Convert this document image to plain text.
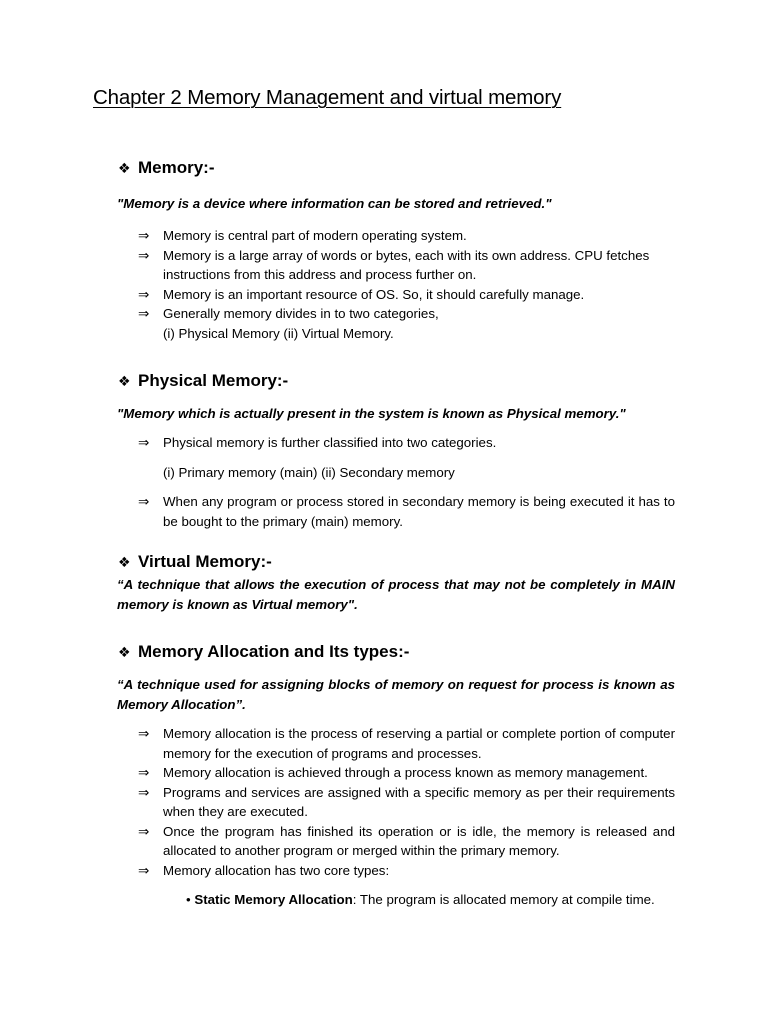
Chapter 2 Memory Management and virtual memory
❖ Memory:-

"Memory is a device where information can be stored and retrieved."

⇒ Memory is central part of modern operating system.
⇒ Memory is a large array of words or bytes, each with its own address. CPU fetches instructions from this address and process further on.
⇒ Memory is an important resource of OS. So, it should carefully manage.
⇒ Generally memory divides in to two categories,

(i) Physical Memory (ii) Virtual Memory.

❖ Physical Memory:-

"Memory which is actually present in the system is known as Physical memory."

⇒ Physical memory is further classified into two categories.

(i) Primary memory (main) (ii) Secondary memory

⇒ When any program or process stored in secondary memory is being executed it has to be bought to the primary (main) memory.
❖ Virtual Memory:-

“A technique that allows the execution of process that may not be completely in MAIN memory is known as Virtual memory".

❖ Memory Allocation and Its types:-

“A technique used for assigning blocks of memory on request for process is known as Memory Allocation”.

⇒ Memory allocation is the process of reserving a partial or complete portion of computer memory for the execution of programs and processes.
⇒ Memory allocation is achieved through a process known as memory management.
⇒ Programs and services are assigned with a specific memory as per their requirements when they are executed.
⇒ Once the program has finished its operation or is idle, the memory is released and allocated to another program or merged within the primary memory.
⇒ Memory allocation has two core types:

• Static Memory Allocation: The program is allocated memory at compile time.
